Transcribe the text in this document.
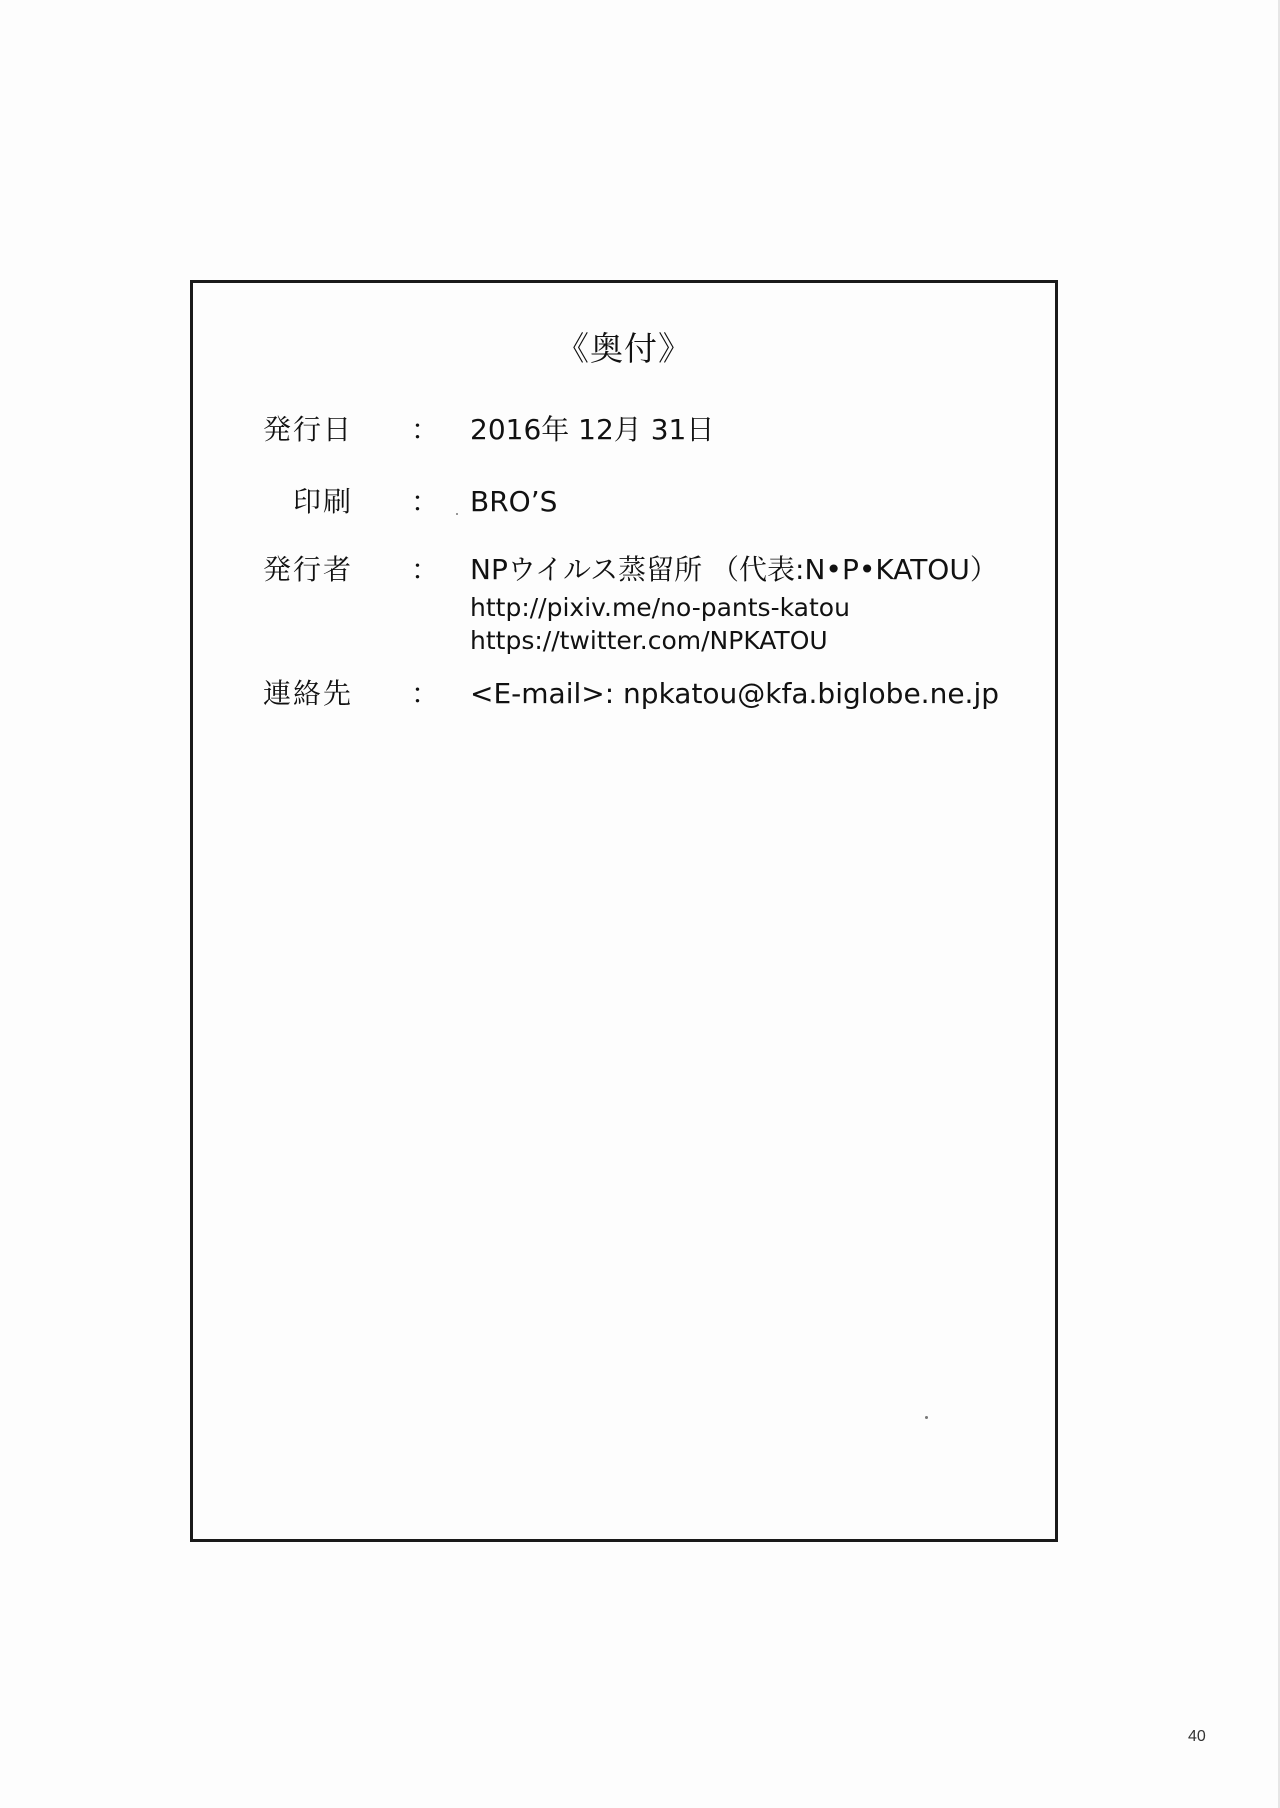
《奥付》
発行日 ： 2016年 12月 31日
印刷 ： BRO’S
発行者 ： NPウイルス蒸留所 （代表:N•P•KATOU）
http://pixiv.me/no-pants-katou
https://twitter.com/NPKATOU
連絡先 ： <E-mail>: npkatou@kfa.biglobe.ne.jp
40
